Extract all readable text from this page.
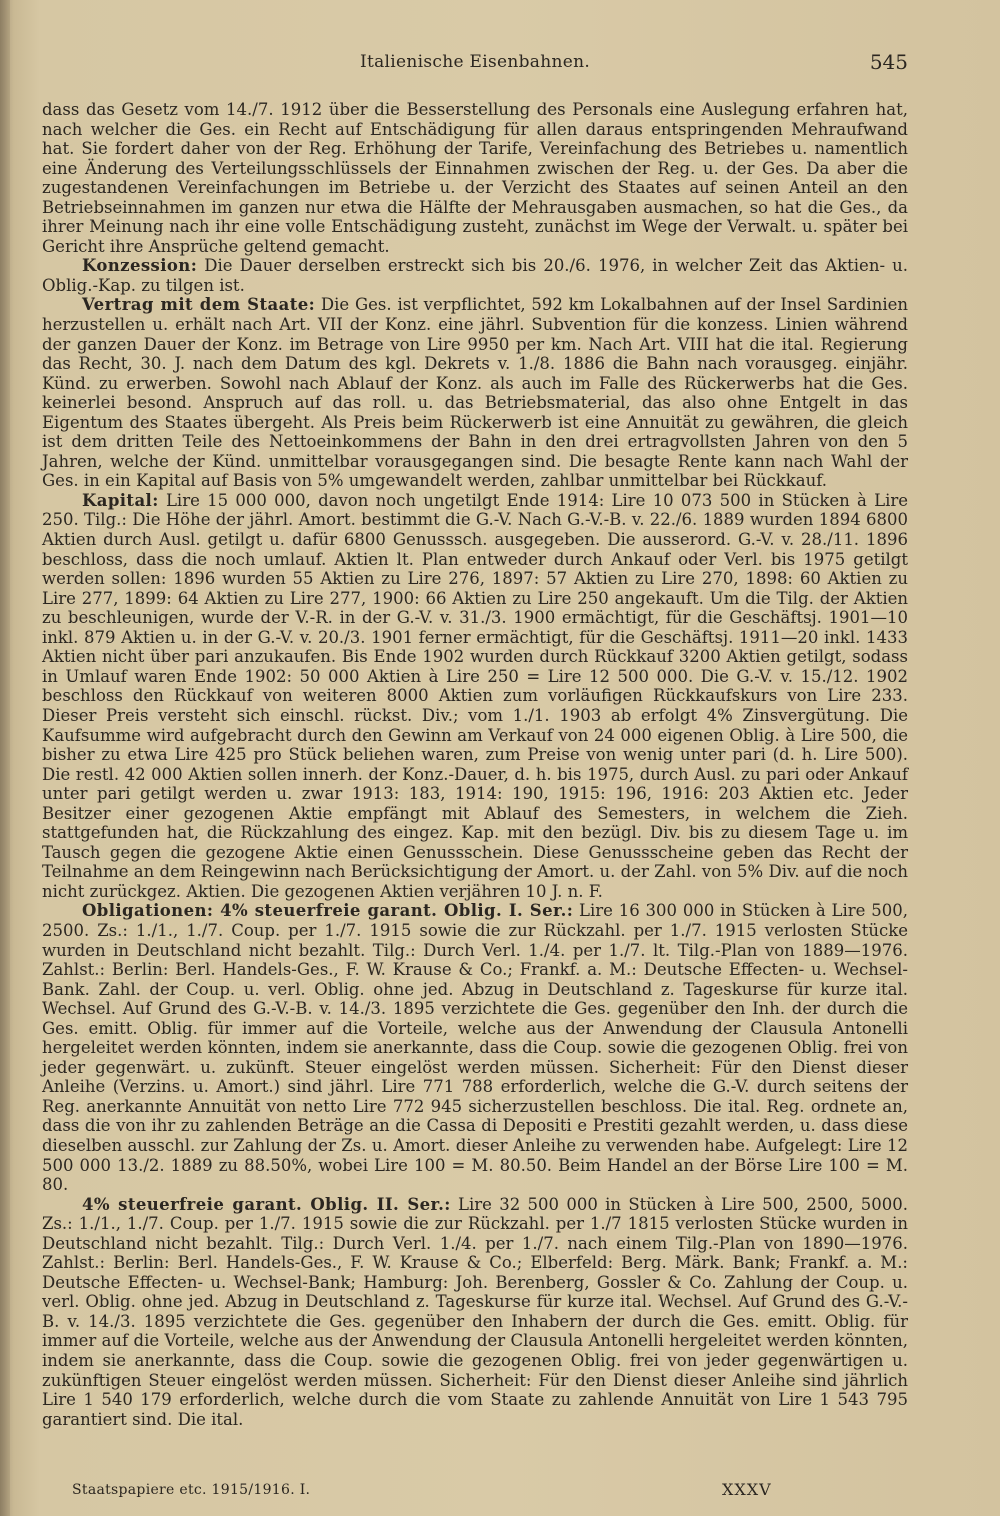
Italienische Eisenbahnen.	545

dass das Gesetz vom 14./7. 1912 über die Besserstellung des Personals eine Auslegung erfahren hat, nach welcher die Ges. ein Recht auf Entschädigung für allen daraus entspringenden Mehraufwand hat. Sie fordert daher von der Reg. Erhöhung der Tarife, Vereinfachung des Betriebes u. namentlich eine Änderung des Verteilungsschlüssels der Einnahmen zwischen der Reg. u. der Ges. Da aber die zugestandenen Vereinfachungen im Betriebe u. der Verzicht des Staates auf seinen Anteil an den Betriebseinnahmen im ganzen nur etwa die Hälfte der Mehrausgaben ausmachen, so hat die Ges., da ihrer Meinung nach ihr eine volle Entschädigung zusteht, zunächst im Wege der Verwalt. u. später bei Gericht ihre Ansprüche geltend gemacht.

Konzession: Die Dauer derselben erstreckt sich bis 20./6. 1976, in welcher Zeit das Aktien- u. Oblig.-Kap. zu tilgen ist.

Vertrag mit dem Staate: Die Ges. ist verpflichtet, 592 km Lokalbahnen auf der Insel Sardinien herzustellen u. erhält nach Art. VII der Konz. eine jährl. Subvention für die konzess. Linien während der ganzen Dauer der Konz. im Betrage von Lire 9950 per km. Nach Art. VIII hat die ital. Regierung das Recht, 30. J. nach dem Datum des kgl. Dekrets v. 1./8. 1886 die Bahn nach vorausgeg. einjähr. Künd. zu erwerben. Sowohl nach Ablauf der Konz. als auch im Falle des Rückerwerbs hat die Ges. keinerlei besond. Anspruch auf das roll. u. das Betriebsmaterial, das also ohne Entgelt in das Eigentum des Staates übergeht. Als Preis beim Rückerwerb ist eine Annuität zu gewähren, die gleich ist dem dritten Teile des Nettoeinkommens der Bahn in den drei ertragvollsten Jahren von den 5 Jahren, welche der Künd. unmittelbar vorausgegangen sind. Die besagte Rente kann nach Wahl der Ges. in ein Kapital auf Basis von 5% umgewandelt werden, zahlbar unmittelbar bei Rückkauf.

Kapital: Lire 15 000 000, davon noch ungetilgt Ende 1914: Lire 10 073 500 in Stücken à Lire 250. Tilg.: Die Höhe der jährl. Amort. bestimmt die G.-V. Nach G.-V.-B. v. 22./6. 1889 wurden 1894 6800 Aktien durch Ausl. getilgt u. dafür 6800 Genusssch. ausgegeben. Die ausserord. G.-V. v. 28./11. 1896 beschloss, dass die noch umlauf. Aktien lt. Plan entweder durch Ankauf oder Verl. bis 1975 getilgt werden sollen: 1896 wurden 55 Aktien zu Lire 276, 1897: 57 Aktien zu Lire 270, 1898: 60 Aktien zu Lire 277, 1899: 64 Aktien zu Lire 277, 1900: 66 Aktien zu Lire 250 angekauft. Um die Tilg. der Aktien zu beschleunigen, wurde der V.-R. in der G.-V. v. 31./3. 1900 ermächtigt, für die Geschäftsj. 1901—10 inkl. 879 Aktien u. in der G.-V. v. 20./3. 1901 ferner ermächtigt, für die Geschäftsj. 1911—20 inkl. 1433 Aktien nicht über pari anzukaufen. Bis Ende 1902 wurden durch Rückkauf 3200 Aktien getilgt, sodass in Umlauf waren Ende 1902: 50 000 Aktien à Lire 250 = Lire 12 500 000. Die G.-V. v. 15./12. 1902 beschloss den Rückkauf von weiteren 8000 Aktien zum vorläufigen Rückkaufskurs von Lire 233. Dieser Preis versteht sich einschl. rückst. Div.; vom 1./1. 1903 ab erfolgt 4% Zinsvergütung. Die Kaufsumme wird aufgebracht durch den Gewinn am Verkauf von 24 000 eigenen Oblig. à Lire 500, die bisher zu etwa Lire 425 pro Stück beliehen waren, zum Preise von wenig unter pari (d. h. Lire 500). Die restl. 42 000 Aktien sollen innerh. der Konz.-Dauer, d. h. bis 1975, durch Ausl. zu pari oder Ankauf unter pari getilgt werden u. zwar 1913: 183, 1914: 190, 1915: 196, 1916: 203 Aktien etc. Jeder Besitzer einer gezogenen Aktie empfängt mit Ablauf des Semesters, in welchem die Zieh. stattgefunden hat, die Rückzahlung des eingez. Kap. mit den bezügl. Div. bis zu diesem Tage u. im Tausch gegen die gezogene Aktie einen Genussschein. Diese Genussscheine geben das Recht der Teilnahme an dem Reingewinn nach Berücksichtigung der Amort. u. der Zahl. von 5% Div. auf die noch nicht zurückgez. Aktien. Die gezogenen Aktien verjähren 10 J. n. F.

Obligationen: 4% steuerfreie garant. Oblig. I. Ser.: Lire 16 300 000 in Stücken à Lire 500, 2500. Zs.: 1./1., 1./7. Coup. per 1./7. 1915 sowie die zur Rückzahl. per 1./7. 1915 verlosten Stücke wurden in Deutschland nicht bezahlt. Tilg.: Durch Verl. 1./4. per 1./7. lt. Tilg.-Plan von 1889—1976. Zahlst.: Berlin: Berl. Handels-Ges., F. W. Krause & Co.; Frankf. a. M.: Deutsche Effecten- u. Wechsel-Bank. Zahl. der Coup. u. verl. Oblig. ohne jed. Abzug in Deutschland z. Tageskurse für kurze ital. Wechsel. Auf Grund des G.-V.-B. v. 14./3. 1895 verzichtete die Ges. gegenüber den Inh. der durch die Ges. emitt. Oblig. für immer auf die Vorteile, welche aus der Anwendung der Clausula Antonelli hergeleitet werden könnten, indem sie anerkannte, dass die Coup. sowie die gezogenen Oblig. frei von jeder gegenwärt. u. zukünft. Steuer eingelöst werden müssen. Sicherheit: Für den Dienst dieser Anleihe (Verzins. u. Amort.) sind jährl. Lire 771 788 erforderlich, welche die G.-V. durch seitens der Reg. anerkannte Annuität von netto Lire 772 945 sicherzustellen beschloss. Die ital. Reg. ordnete an, dass die von ihr zu zahlenden Beträge an die Cassa di Depositi e Prestiti gezahlt werden, u. dass diese dieselben ausschl. zur Zahlung der Zs. u. Amort. dieser Anleihe zu verwenden habe. Aufgelegt: Lire 12 500 000 13./2. 1889 zu 88.50%, wobei Lire 100 = M. 80.50. Beim Handel an der Börse Lire 100 = M. 80.

4% steuerfreie garant. Oblig. II. Ser.: Lire 32 500 000 in Stücken à Lire 500, 2500, 5000. Zs.: 1./1., 1./7. Coup. per 1./7. 1915 sowie die zur Rückzahl. per 1./7 1815 verlosten Stücke wurden in Deutschland nicht bezahlt. Tilg.: Durch Verl. 1./4. per 1./7. nach einem Tilg.-Plan von 1890—1976. Zahlst.: Berlin: Berl. Handels-Ges., F. W. Krause & Co.; Elberfeld: Berg. Märk. Bank; Frankf. a. M.: Deutsche Effecten- u. Wechsel-Bank; Hamburg: Joh. Berenberg, Gossler & Co. Zahlung der Coup. u. verl. Oblig. ohne jed. Abzug in Deutschland z. Tageskurse für kurze ital. Wechsel. Auf Grund des G.-V.-B. v. 14./3. 1895 verzichtete die Ges. gegenüber den Inhabern der durch die Ges. emitt. Oblig. für immer auf die Vorteile, welche aus der Anwendung der Clausula Antonelli hergeleitet werden könnten, indem sie anerkannte, dass die Coup. sowie die gezogenen Oblig. frei von jeder gegenwärtigen u. zukünftigen Steuer eingelöst werden müssen. Sicherheit: Für den Dienst dieser Anleihe sind jährlich Lire 1 540 179 erforderlich, welche durch die vom Staate zu zahlende Annuität von Lire 1 543 795 garantiert sind. Die ital.

Staatspapiere etc. 1915/1916. I.	XXXV
